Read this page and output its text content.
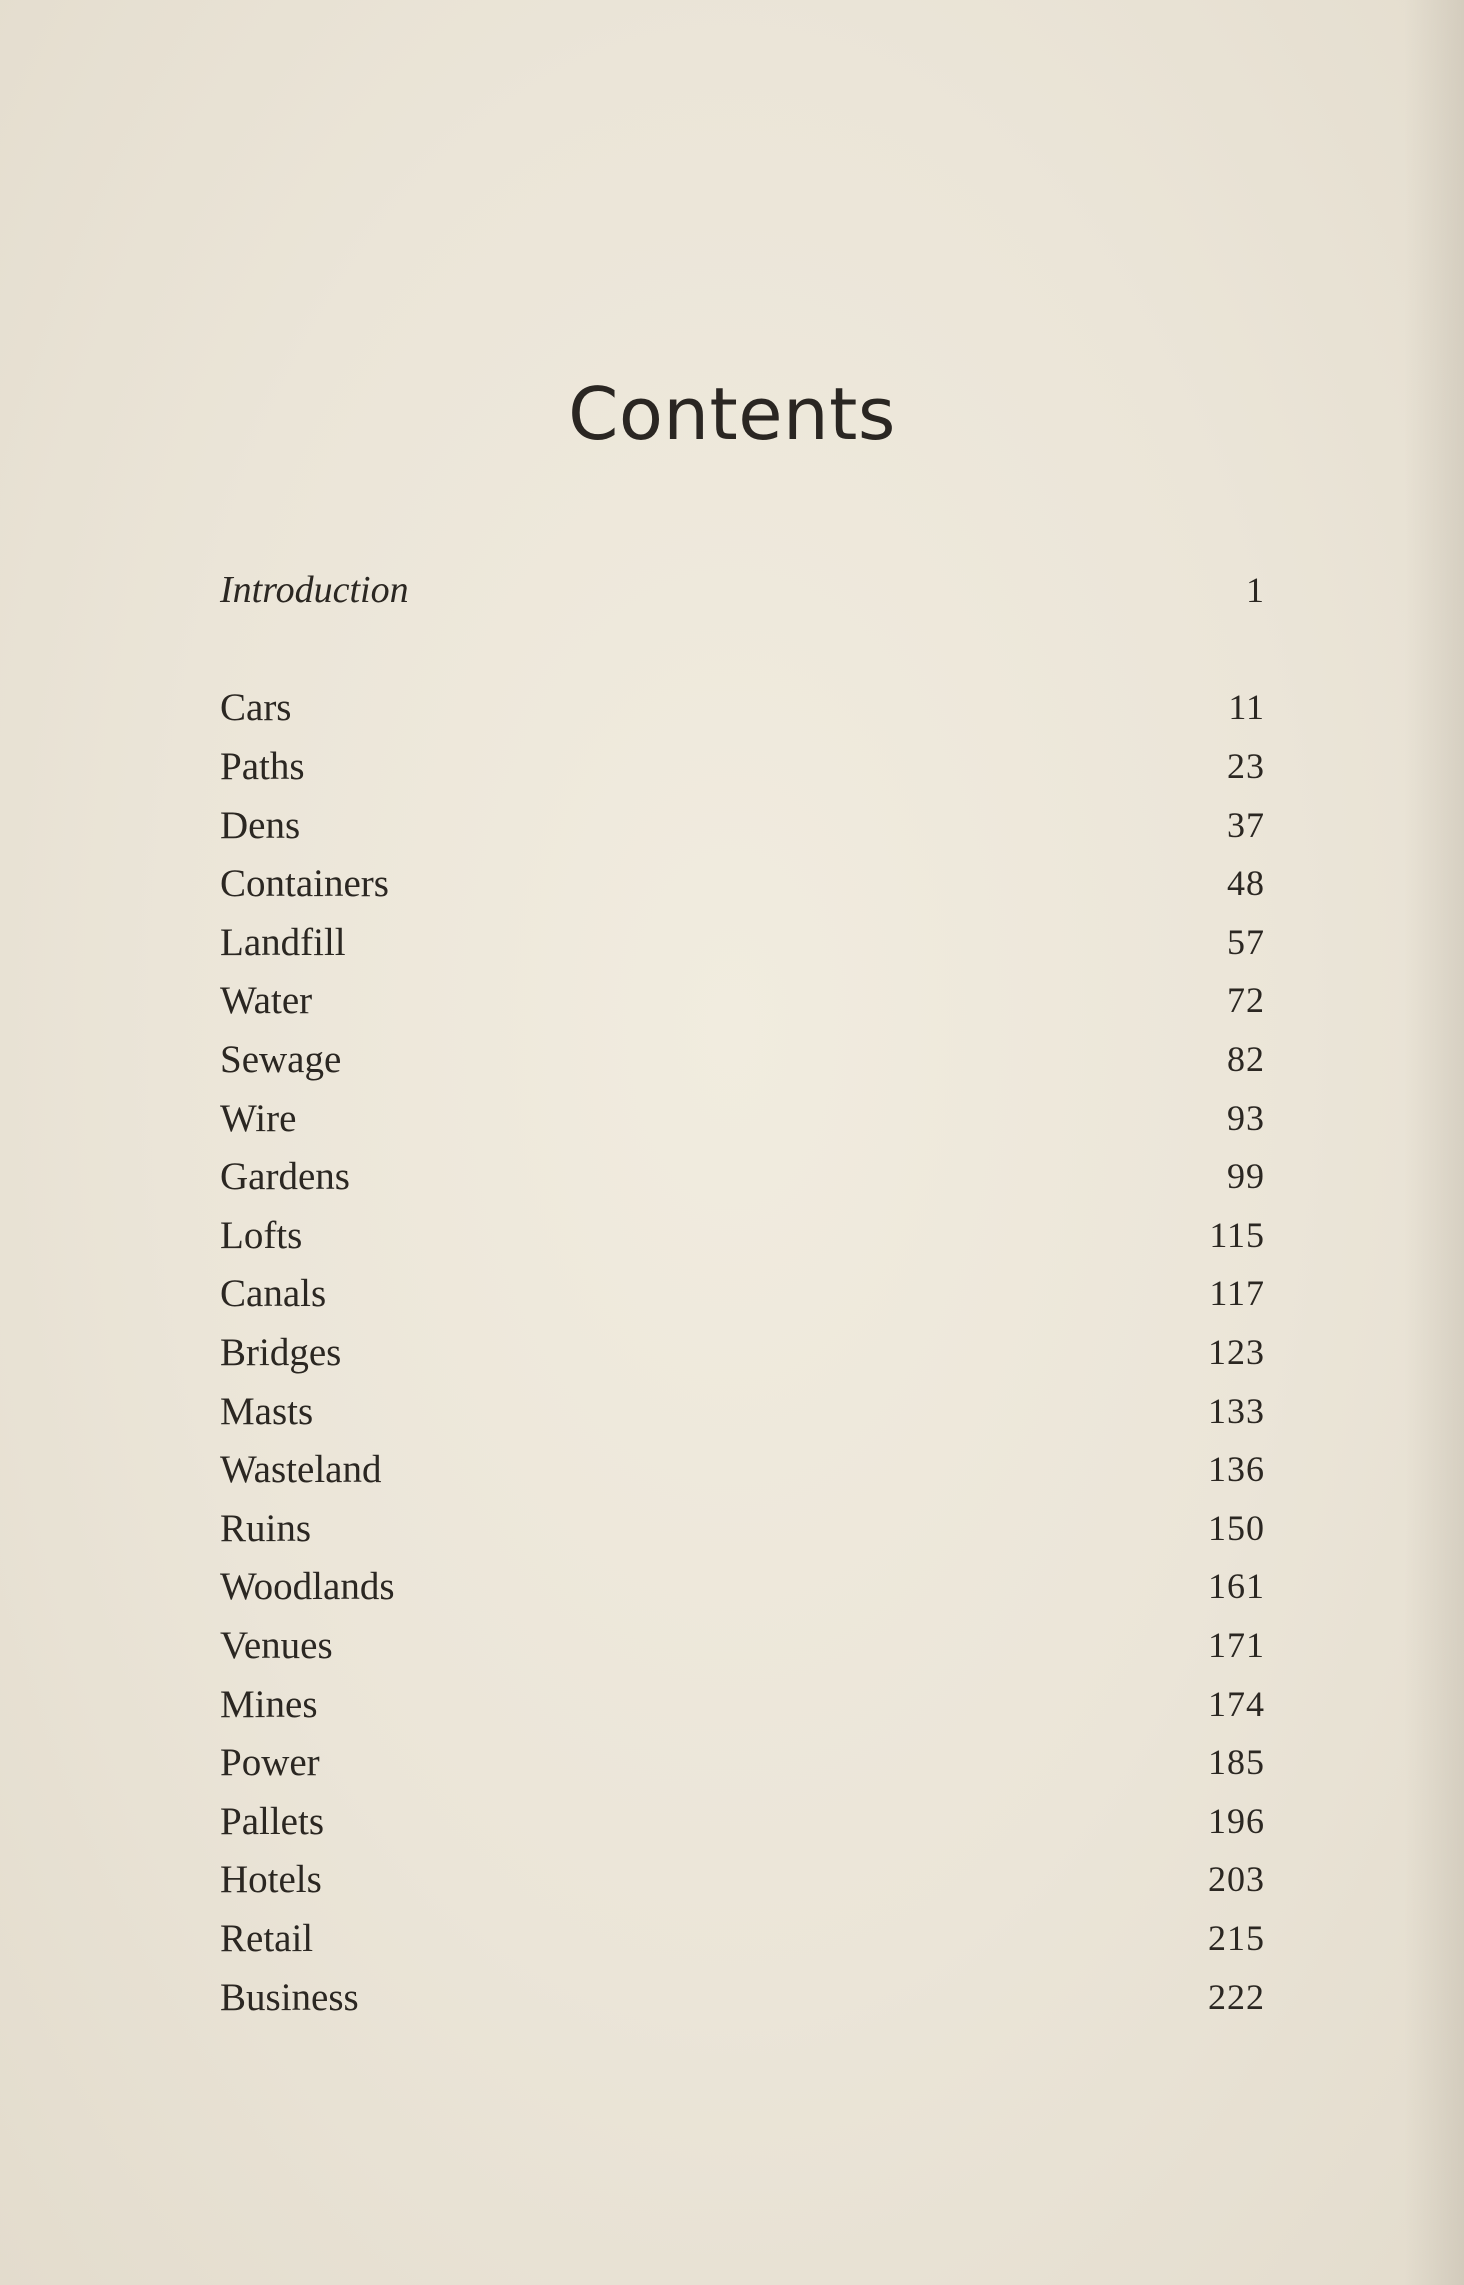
Contents
Introduction	1
Cars	11
Paths	23
Dens	37
Containers	48
Landfill	57
Water	72
Sewage	82
Wire	93
Gardens	99
Lofts	115
Canals	117
Bridges	123
Masts	133
Wasteland	136
Ruins	150
Woodlands	161
Venues	171
Mines	174
Power	185
Pallets	196
Hotels	203
Retail	215
Business	222
